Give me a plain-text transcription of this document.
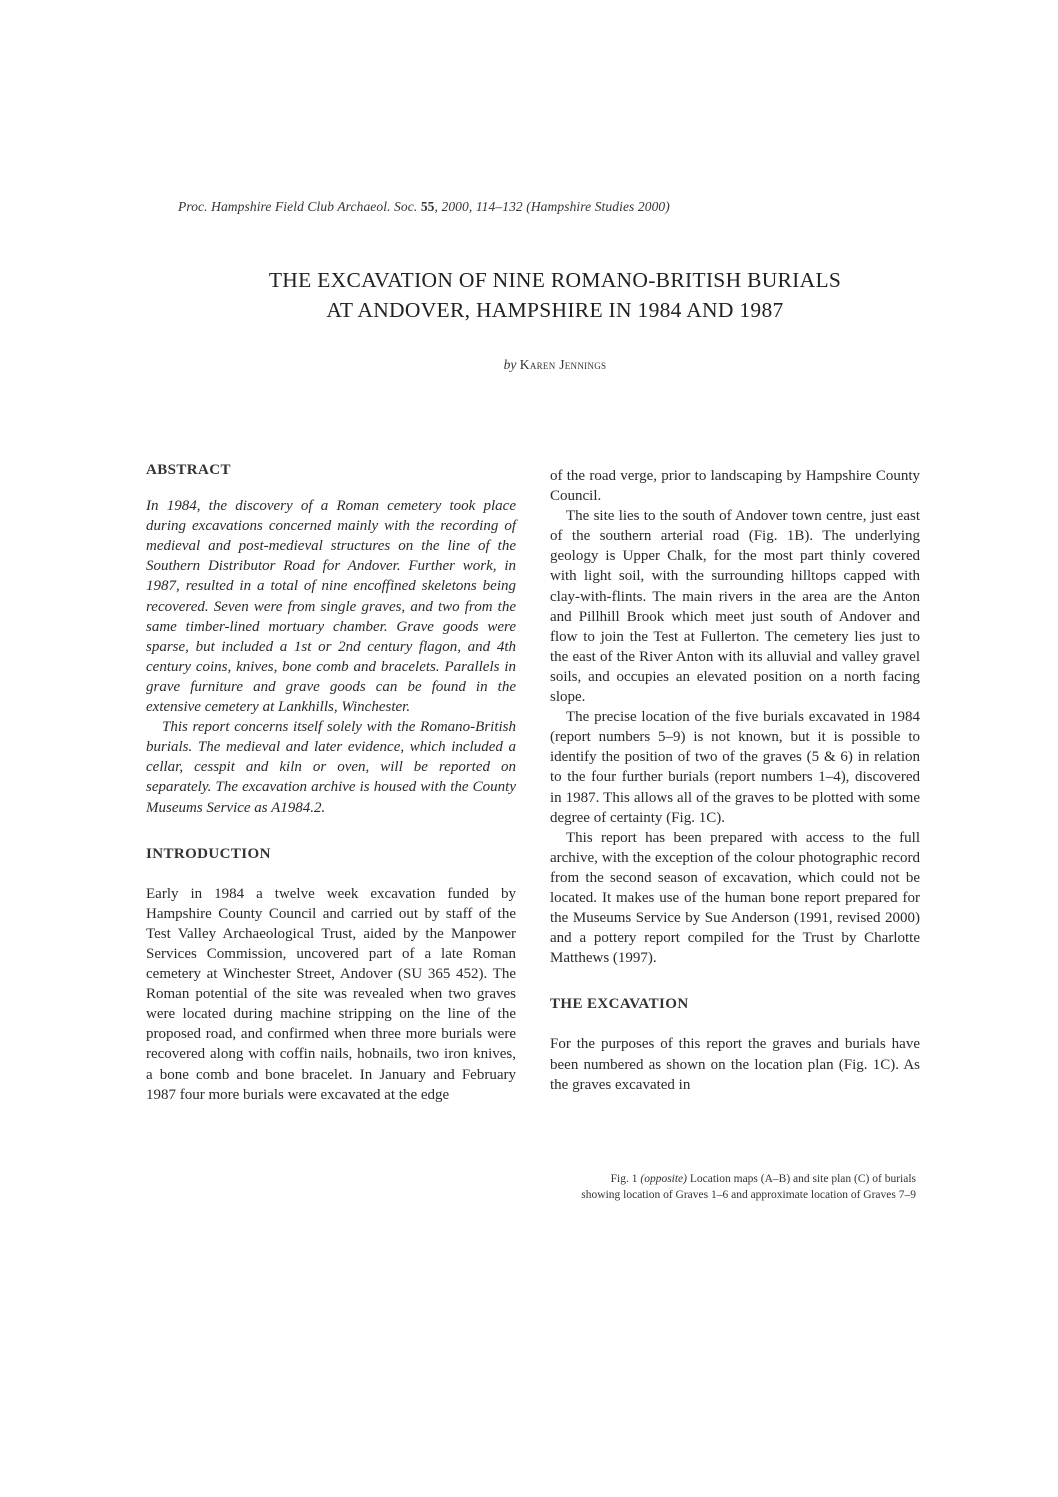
Proc. Hampshire Field Club Archaeol. Soc. 55, 2000, 114–132 (Hampshire Studies 2000)
THE EXCAVATION OF NINE ROMANO-BRITISH BURIALS
AT ANDOVER, HAMPSHIRE IN 1984 AND 1987
by Karen Jennings
ABSTRACT

In 1984, the discovery of a Roman cemetery took place during excavations concerned mainly with the recording of medieval and post-medieval structures on the line of the Southern Distributor Road for Andover. Further work, in 1987, resulted in a total of nine encoffined skeletons being recovered. Seven were from single graves, and two from the same timber-lined mortuary chamber. Grave goods were sparse, but included a 1st or 2nd century flagon, and 4th century coins, knives, bone comb and bracelets. Parallels in grave furniture and grave goods can be found in the extensive cemetery at Lankhills, Winchester.

This report concerns itself solely with the Romano-British burials. The medieval and later evidence, which included a cellar, cesspit and kiln or oven, will be reported on separately. The excavation archive is housed with the County Museums Service as A1984.2.

INTRODUCTION

Early in 1984 a twelve week excavation funded by Hampshire County Council and carried out by staff of the Test Valley Archaeological Trust, aided by the Manpower Services Commission, uncovered part of a late Roman cemetery at Winchester Street, Andover (SU 365 452). The Roman potential of the site was revealed when two graves were located during machine stripping on the line of the proposed road, and confirmed when three more burials were recovered along with coffin nails, hobnails, two iron knives, a bone comb and bone bracelet. In January and February 1987 four more burials were excavated at the edge

of the road verge, prior to landscaping by Hampshire County Council.

The site lies to the south of Andover town centre, just east of the southern arterial road (Fig. 1B). The underlying geology is Upper Chalk, for the most part thinly covered with light soil, with the surrounding hilltops capped with clay-with-flints. The main rivers in the area are the Anton and Pillhill Brook which meet just south of Andover and flow to join the Test at Fullerton. The cemetery lies just to the east of the River Anton with its alluvial and valley gravel soils, and occupies an elevated position on a north facing slope.

The precise location of the five burials excavated in 1984 (report numbers 5–9) is not known, but it is possible to identify the position of two of the graves (5 & 6) in relation to the four further burials (report numbers 1–4), discovered in 1987. This allows all of the graves to be plotted with some degree of certainty (Fig. 1C).

This report has been prepared with access to the full archive, with the exception of the colour photographic record from the second season of excavation, which could not be located. It makes use of the human bone report prepared for the Museums Service by Sue Anderson (1991, revised 2000) and a pottery report compiled for the Trust by Charlotte Matthews (1997).

THE EXCAVATION

For the purposes of this report the graves and burials have been numbered as shown on the location plan (Fig. 1C). As the graves excavated in

Fig. 1 (opposite) Location maps (A–B) and site plan (C) of burials
showing location of Graves 1–6 and approximate location of Graves 7–9
